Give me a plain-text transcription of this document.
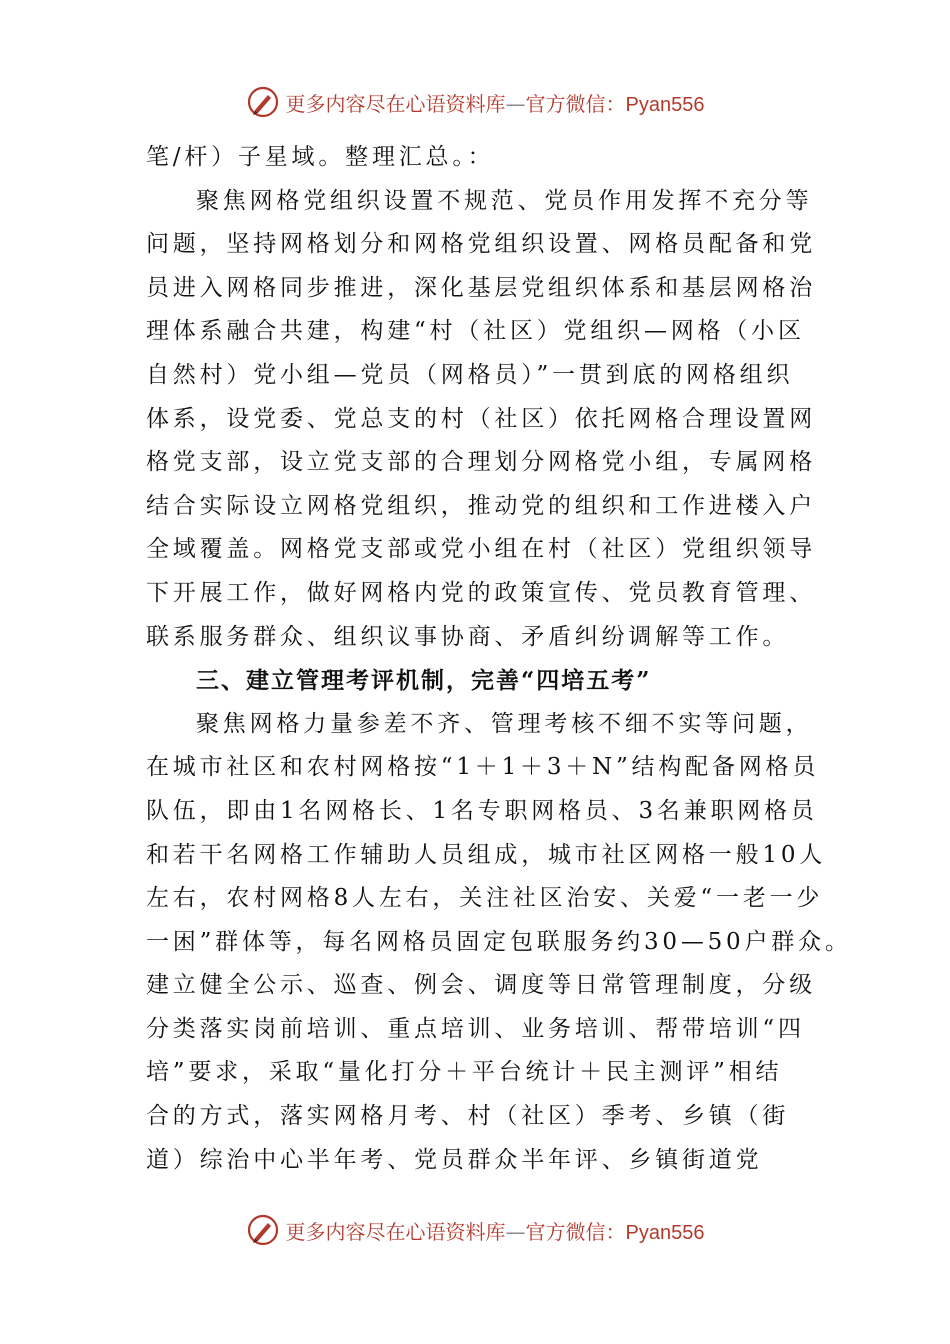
更多内容尽在心语资料库—官方微信：Pyan556
笔/杆）子星域。整理汇总。：
聚焦网格党组织设置不规范、党员作用发挥不充分等
问题，坚持网格划分和网格党组织设置、网格员配备和党
员进入网格同步推进，深化基层党组织体系和基层网格治
理体系融合共建，构建“村（社区）党组织—网格（小区
自然村）党小组—党员（网格员）”一贯到底的网格组织
体系，设党委、党总支的村（社区）依托网格合理设置网
格党支部，设立党支部的合理划分网格党小组，专属网格
结合实际设立网格党组织，推动党的组织和工作进楼入户
全域覆盖。网格党支部或党小组在村（社区）党组织领导
下开展工作，做好网格内党的政策宣传、党员教育管理、
联系服务群众、组织议事协商、矛盾纠纷调解等工作。
三、建立管理考评机制，完善“四培五考”
聚焦网格力量参差不齐、管理考核不细不实等问题，
在城市社区和农村网格按“1＋1＋3＋N”结构配备网格员
队伍，即由1名网格长、1名专职网格员、3名兼职网格员
和若干名网格工作辅助人员组成，城市社区网格一般10人
左右，农村网格8人左右，关注社区治安、关爱“一老一少
一困”群体等，每名网格员固定包联服务约30—50户群众。
建立健全公示、巡查、例会、调度等日常管理制度，分级
分类落实岗前培训、重点培训、业务培训、帮带培训“四
培”要求，采取“量化打分＋平台统计＋民主测评”相结
合的方式，落实网格月考、村（社区）季考、乡镇（街
道）综治中心半年考、党员群众半年评、乡镇街道党
更多内容尽在心语资料库—官方微信：Pyan556
